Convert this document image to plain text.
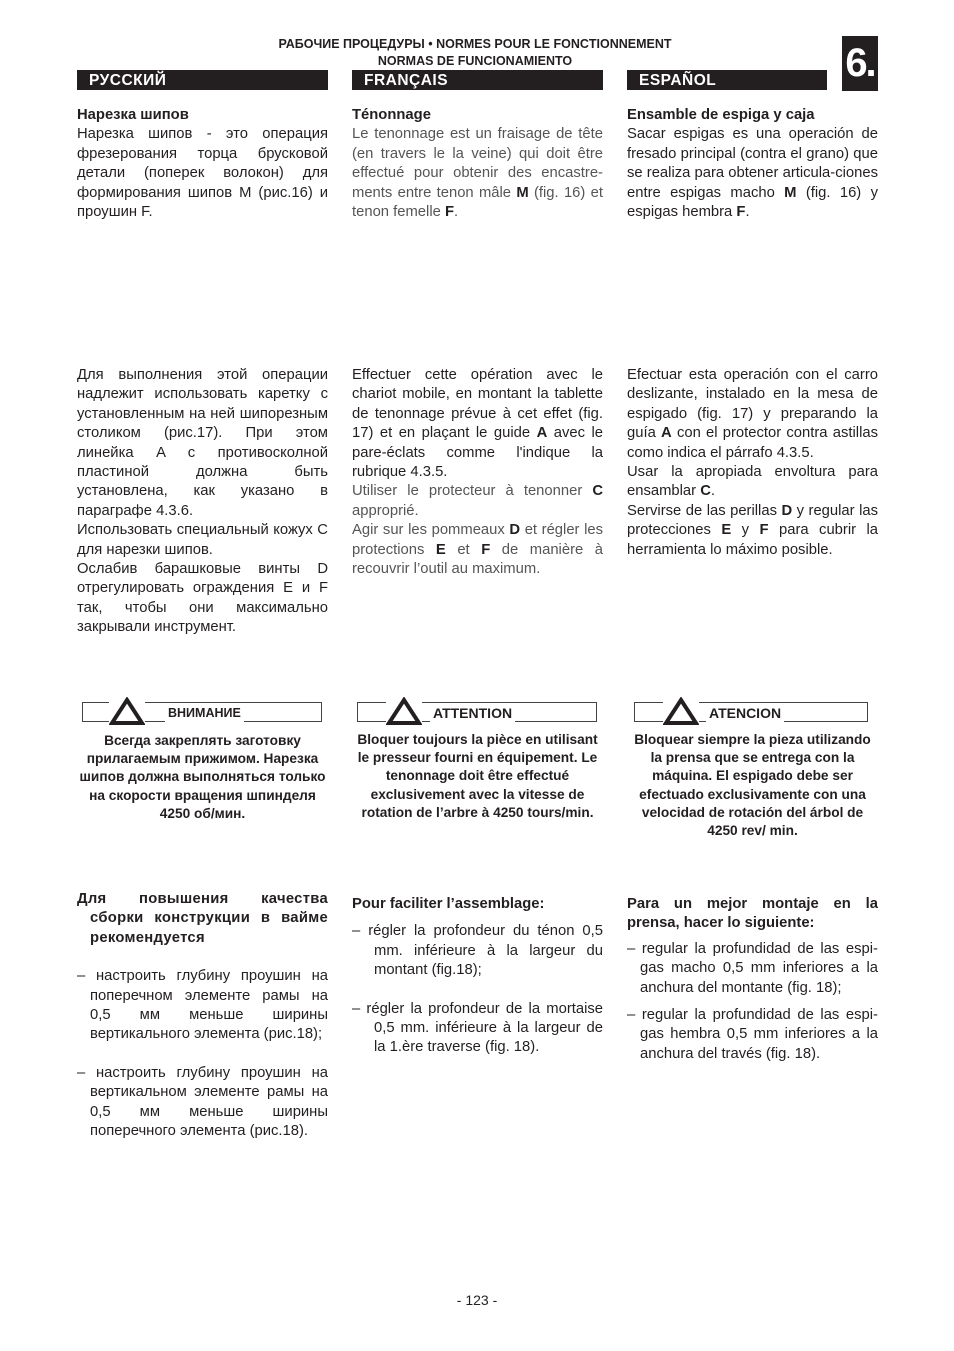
РАБОЧИЕ ПРОЦЕДУРЫ • NORMES POUR LE FONCTIONNEMENT
NORMAS DE FUNCIONAMIENTO	6.
РУССКИЙ	FRANÇAIS	ESPAÑOL

Нарезка шипов

Нарезка шипов - это операция фрезерования торца брусковой детали (поперек волокон) для формирования шипов M (рис.16) и проушин F.

Для выполнения этой операции надлежит использовать каретку с установленным на ней шипорезным столиком (рис.17). При этом линейка A с противосколной пластиной должна быть установлена, как указано в параграфе 4.3.6.

Использовать специальный кожух C для нарезки шипов.

Ослабив барашковые винты D отрегулировать ограждения E и F так, чтобы они максимально закрывали инструмент.

Ténonnage

Le tenonnage est un fraisage de tête (en travers le la veine) qui doit être effectué pour obtenir des encastre-ments entre tenon mâle M (fig. 16) et tenon femelle F.

Effectuer cette opération avec le chariot mobile, en montant la tablette de tenonnage prévue à cet effet (fig. 17) et en plaçant le guide A avec le pare-éclats comme l'indique la rubrique 4.3.5.

Utiliser le protecteur à tenonner C approprié.

Agir sur les pommeaux D et régler les protections E et F de manière à recouvrir l’outil au maximum.

Ensamble de espiga y caja

Sacar espigas es una operación de fresado principal (contra el grano) que se realiza para obtener articula-ciones entre espigas macho M (fig. 16) y espigas hembra F.

Efectuar esta operación con el carro deslizante, instalado en la mesa de espigado (fig. 17) y preparando la guía A con el protector contra astillas como indica el párrafo 4.3.5.

Usar la apropiada envoltura para ensamblar C.

Servirse de las perillas D y regular las protecciones E y F para cubrir la herramienta lo máximo posible.

ВНИМАНИЕ
Всегда закреплять заготовку прилагаемым прижимом. Нарезка шипов должна выполняться только на скорости вращения шпинделя 4250 об/мин.
ATTENTION
Bloquer toujours la pièce en utilisant le presseur fourni en équipement. Le tenonnage doit être effectué exclusivement avec la vitesse de rotation de l’arbre à 4250 tours/min.
ATENCION
Bloquear siempre la pieza utilizando la prensa que se entrega con la máquina. El espigado debe ser efectuado exclusivamente con una velocidad de rotación del árbol de 4250 rev/ min.

Для повышения качества сборки конструкции в вайме рекомендуется

– настроить глубину проушин на поперечном элементе рамы на 0,5 мм меньше ширины вертикального элемента (рис.18);

– настроить глубину проушин на вертикальном элементе рамы на 0,5 мм меньше ширины поперечного элемента (рис.18).

Pour faciliter l’assemblage:

– régler la profondeur du ténon 0,5 mm. inférieure à la largeur du montant (fig.18);

– régler la profondeur de la mortaise 0,5 mm. inférieure à la largeur de la 1.ère traverse (fig. 18).

Para un mejor montaje en la prensa, hacer lo siguiente:

– regular la profundidad de las espi-gas macho 0,5 mm inferiores a la anchura del montante (fig. 18);

– regular la profundidad de las espi-gas hembra 0,5 mm inferiores a la anchura del través (fig. 18).

- 123 -
